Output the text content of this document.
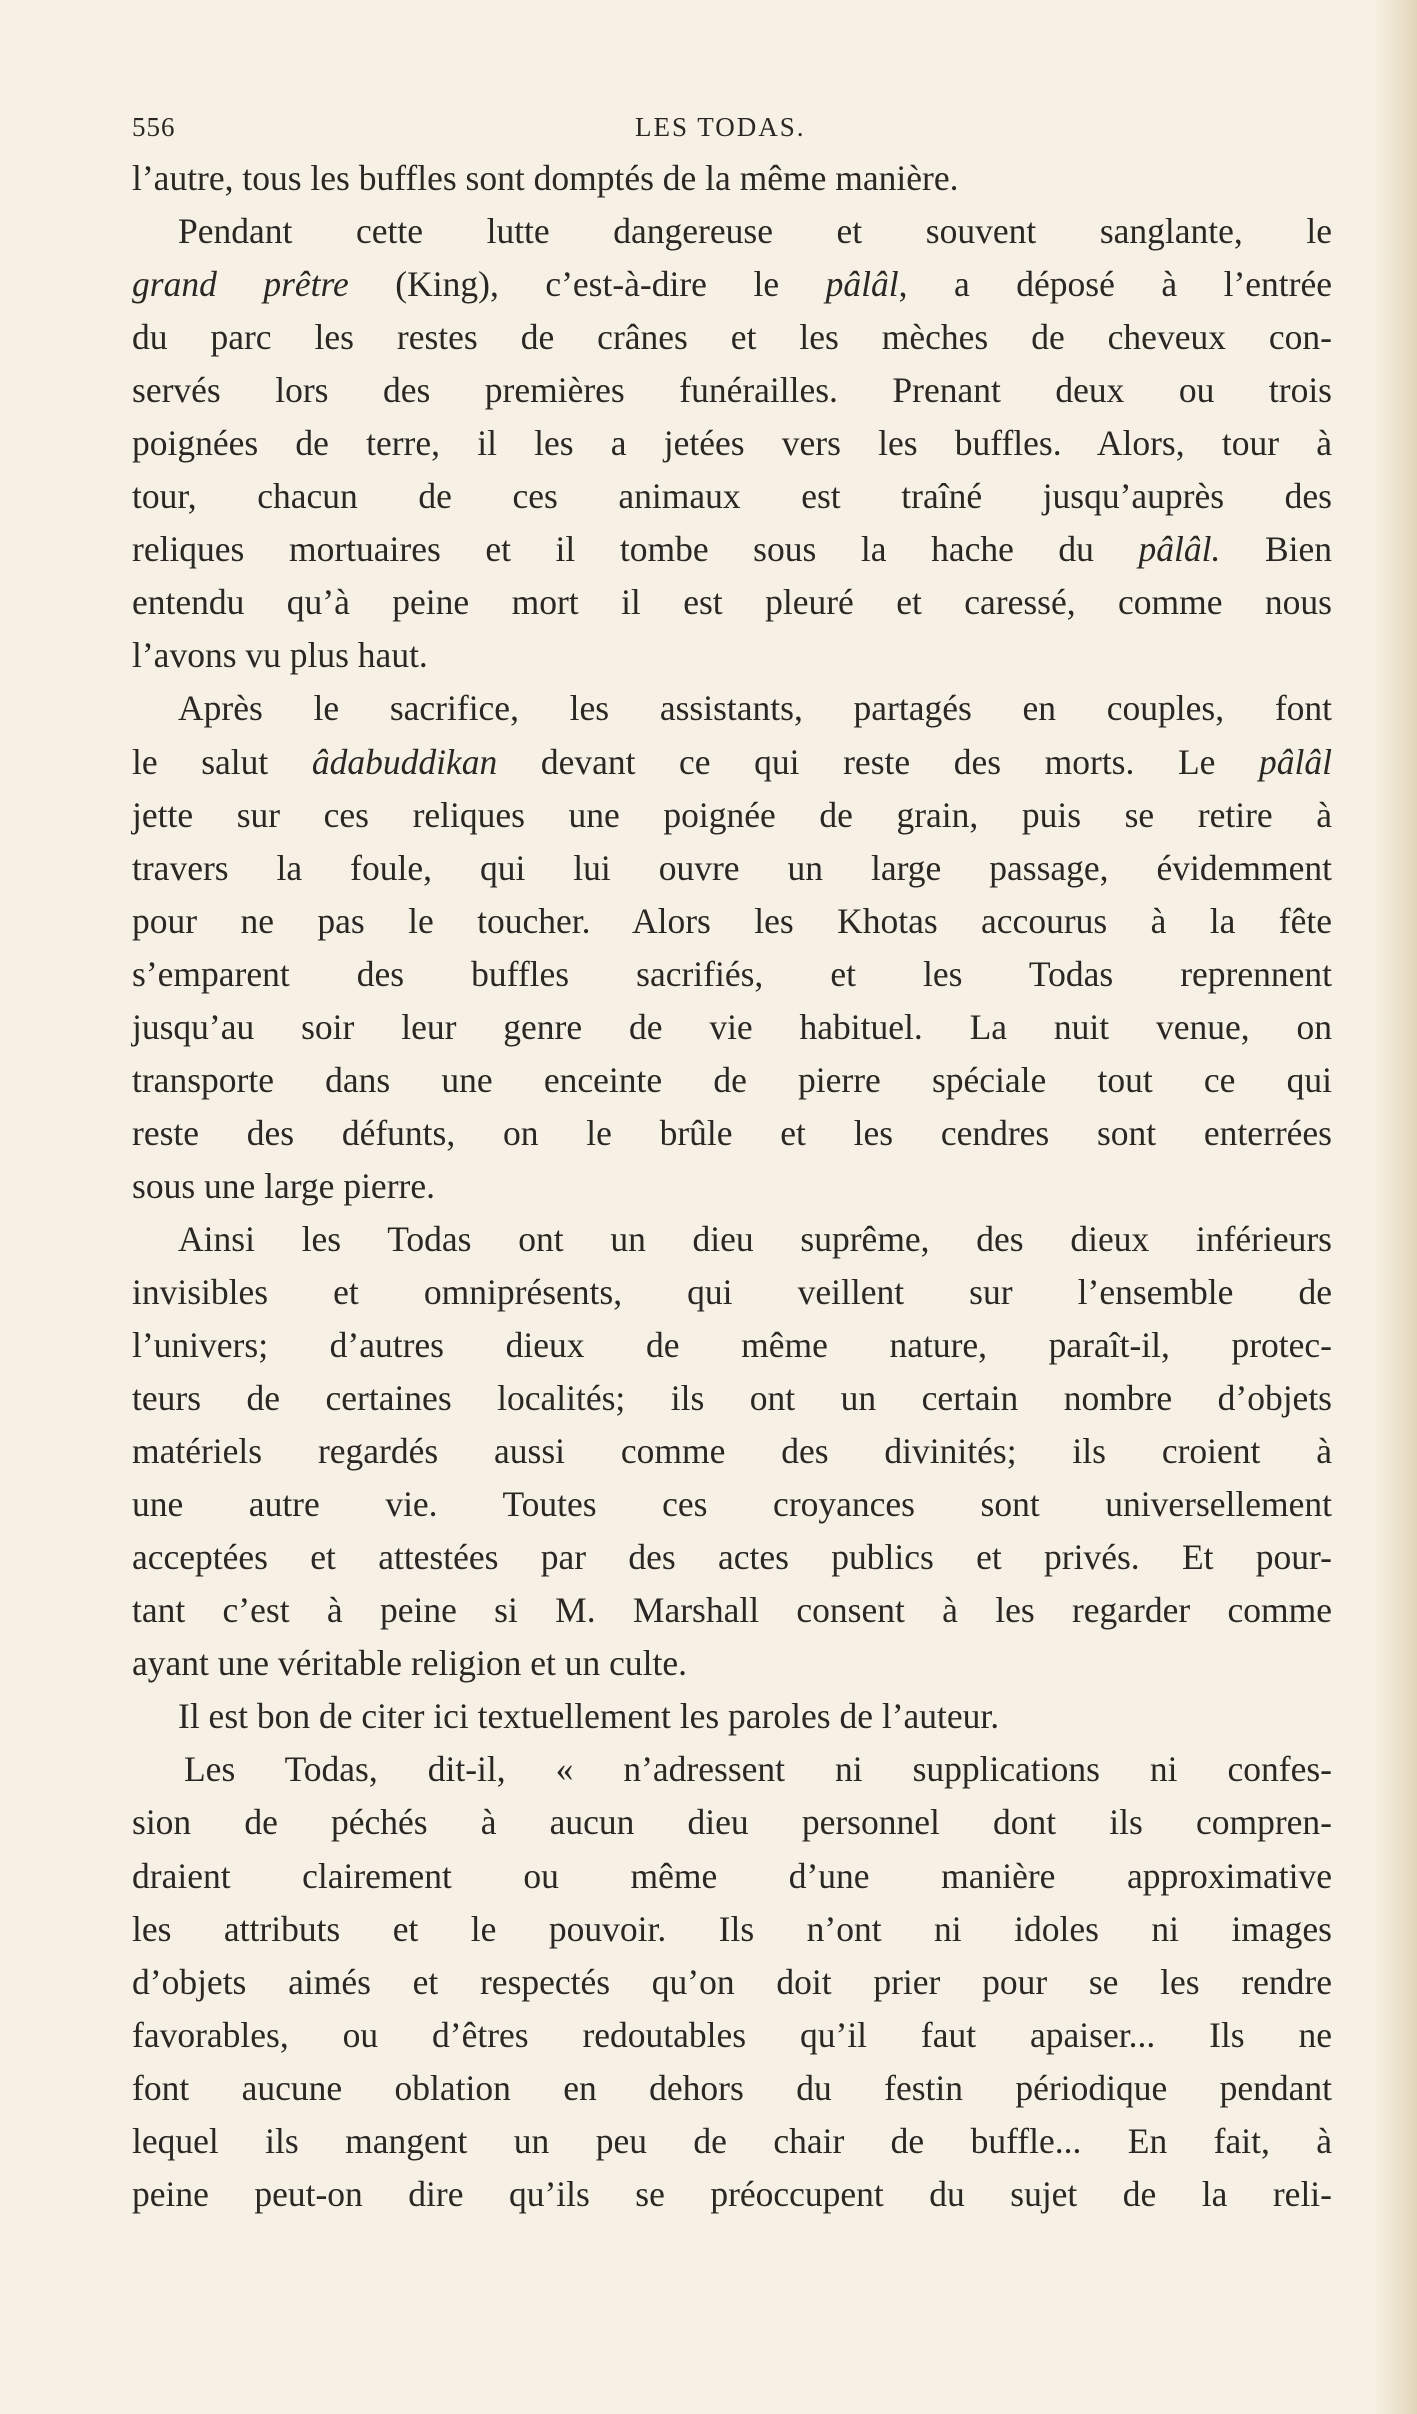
556	LES TODAS.
l’autre, tous les buffles sont domptés de la même manière.
Pendant cette lutte dangereuse et souvent sanglante, le
grand prêtre (King), c’est-à-dire le pâlâl, a déposé à l’entrée
du parc les restes de crânes et les mèches de cheveux con-
servés lors des premières funérailles. Prenant deux ou trois
poignées de terre, il les a jetées vers les buffles. Alors, tour à
tour, chacun de ces animaux est traîné jusqu’auprès des
reliques mortuaires et il tombe sous la hache du pâlâl. Bien
entendu qu’à peine mort il est pleuré et caressé, comme nous
l’avons vu plus haut.
Après le sacrifice, les assistants, partagés en couples, font
le salut âdabuddikan devant ce qui reste des morts. Le pâlâl
jette sur ces reliques une poignée de grain, puis se retire à
travers la foule, qui lui ouvre un large passage, évidemment
pour ne pas le toucher. Alors les Khotas accourus à la fête
s’emparent des buffles sacrifiés, et les Todas reprennent
jusqu’au soir leur genre de vie habituel. La nuit venue, on
transporte dans une enceinte de pierre spéciale tout ce qui
reste des défunts, on le brûle et les cendres sont enterrées
sous une large pierre.
Ainsi les Todas ont un dieu suprême, des dieux inférieurs
invisibles et omniprésents, qui veillent sur l’ensemble de
l’univers; d’autres dieux de même nature, paraît-il, protec-
teurs de certaines localités; ils ont un certain nombre d’objets
matériels regardés aussi comme des divinités; ils croient à
une autre vie. Toutes ces croyances sont universellement
acceptées et attestées par des actes publics et privés. Et pour-
tant c’est à peine si M. Marshall consent à les regarder comme
ayant une véritable religion et un culte.
Il est bon de citer ici textuellement les paroles de l’auteur.
Les Todas, dit-il, « n’adressent ni supplications ni confes-
sion de péchés à aucun dieu personnel dont ils compren-
draient clairement ou même d’une manière approximative
les attributs et le pouvoir. Ils n’ont ni idoles ni images
d’objets aimés et respectés qu’on doit prier pour se les rendre
favorables, ou d’êtres redoutables qu’il faut apaiser... Ils ne
font aucune oblation en dehors du festin périodique pendant
lequel ils mangent un peu de chair de buffle... En fait, à
peine peut-on dire qu’ils se préoccupent du sujet de la reli-
